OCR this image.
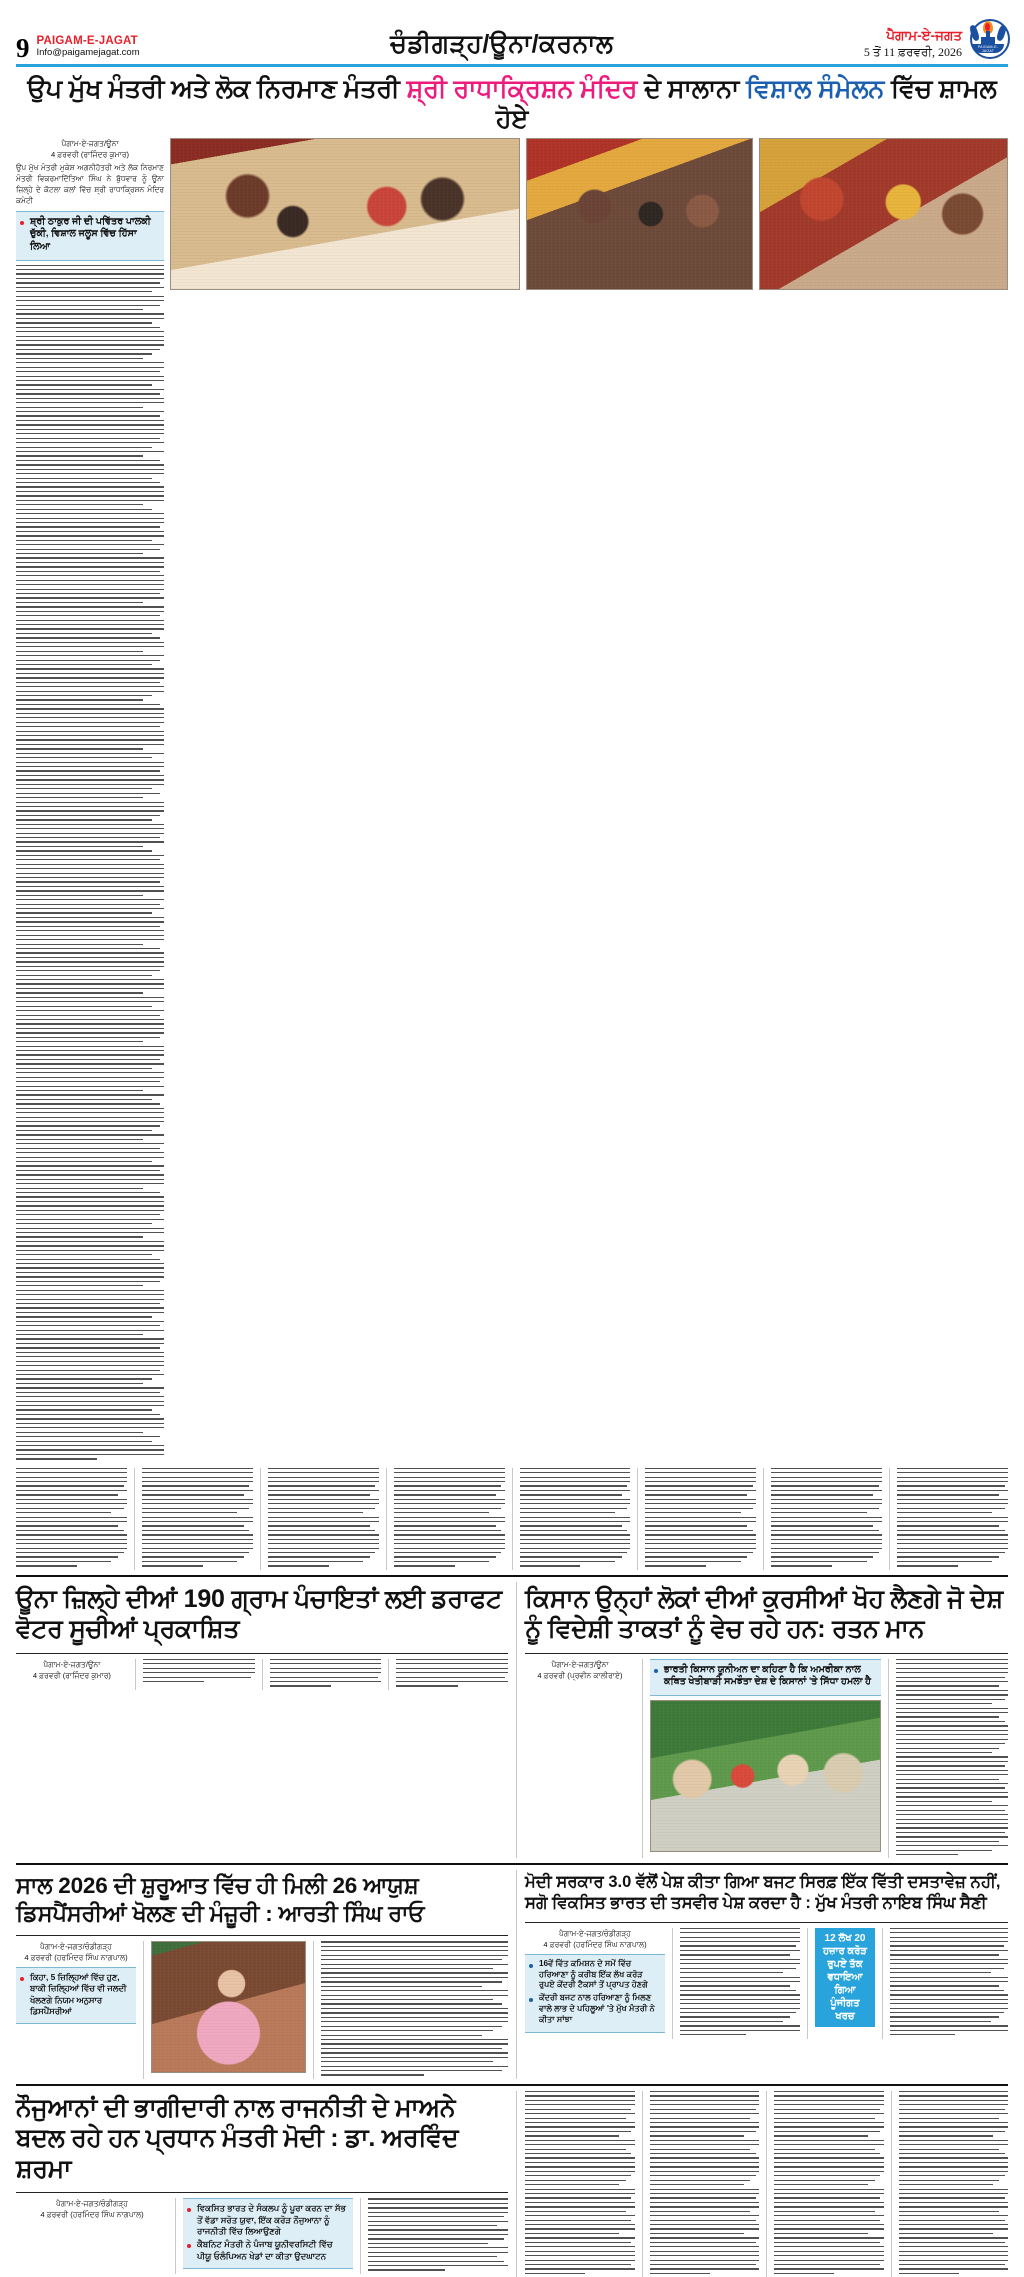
9 PAIGAM-E-JAGAT
Info@paigamejagat.com	ਚੰਡੀਗੜ੍ਹ/ਊਨਾ/ਕਰਨਾਲ	ਪੈਗਾਮ-ਏ-ਜਗਤ
5 ਤੋਂ 11 ਫ਼ਰਵਰੀ, 2026	PAIGAM-E-JAGAT
ਉਪ ਮੁੱਖ ਮੰਤਰੀ ਅਤੇ ਲੋਕ ਨਿਰਮਾਣ ਮੰਤਰੀ ਸ਼੍ਰੀ ਰਾਧਾਕ੍ਰਿਸ਼ਨ ਮੰਦਿਰ ਦੇ ਸਾਲਾਨਾ ਵਿਸ਼ਾਲ ਸੰਮੇਲਨ ਵਿੱਚ ਸ਼ਾਮਲ ਹੋਏ
ਪੈਗਾਮ-ਏ-ਜਗਤ/ਊਨਾ
4 ਫ਼ਰਵਰੀ (ਰਾਜਿੰਦਰ ਕੁਮਾਰ)
ਉਪ ਮੁੱਖ ਮੰਤਰੀ ਮੁਕੇਸ਼ ਅਗਨੀਹੋਤਰੀ ਅਤੇ ਲੋਕ ਨਿਰਮਾਣ ਮੰਤਰੀ ਵਿਕਰਮਾਦਿੱਤਿਆ ਸਿੰਘ ਨੇ ਬੁੱਧਵਾਰ ਨੂੰ ਊਨਾ ਜ਼ਿਲ੍ਹੇ ਦੇ ਕੋਟਲਾ ਕਲਾਂ ਵਿੱਚ ਸ਼੍ਰੀ ਰਾਧਾਕ੍ਰਿਸ਼ਨ ਮੰਦਿਰ ਕਮੇਟੀ
ਸ਼੍ਰੀ ਠਾਕੁਰ ਜੀ ਦੀ ਪਵਿੱਤਰ ਪਾਲਕੀ ਚੁੱਕੀ, ਵਿਸ਼ਾਲ ਜਲੂਸ ਵਿੱਚ ਹਿੱਸਾ ਲਿਆ
ਊਨਾ ਜ਼ਿਲ੍ਹੇ ਦੀਆਂ 190 ਗ੍ਰਾਮ ਪੰਚਾਇਤਾਂ ਲਈ ਡਰਾਫਟ ਵੋਟਰ ਸੂਚੀਆਂ ਪ੍ਰਕਾਸ਼ਿਤ
ਪੈਗਾਮ-ਏ-ਜਗਤ/ਊਨਾ
4 ਫ਼ਰਵਰੀ (ਰਾਜਿੰਦਰ ਕੁਮਾਰ)
ਕਿਸਾਨ ਉਨ੍ਹਾਂ ਲੋਕਾਂ ਦੀਆਂ ਕੁਰਸੀਆਂ ਖੋਹ ਲੈਣਗੇ ਜੋ ਦੇਸ਼ ਨੂੰ ਵਿਦੇਸ਼ੀ ਤਾਕਤਾਂ ਨੂੰ ਵੇਚ ਰਹੇ ਹਨ: ਰਤਨ ਮਾਨ
ਪੈਗਾਮ-ਏ-ਜਗਤ/ਊਨਾ
4 ਫ਼ਰਵਰੀ (ਪ੍ਰਵੀਨ ਕਾਲੀਰਾਏ)
ਭਾਰਤੀ ਕਿਸਾਨ ਯੂਨੀਅਨ ਦਾ ਕਹਿਣਾ ਹੈ ਕਿ ਅਮਰੀਕਾ ਨਾਲ ਕਥਿਤ ਖੇਤੀਬਾੜੀ ਸਮਝੌਤਾ ਦੇਸ਼ ਦੇ ਕਿਸਾਨਾਂ 'ਤੇ ਸਿੱਧਾ ਹਮਲਾ ਹੈ
ਸਾਲ 2026 ਦੀ ਸ਼ੁਰੂਆਤ ਵਿੱਚ ਹੀ ਮਿਲੀ 26 ਆਯੁਸ਼ ਡਿਸਪੈਂਸਰੀਆਂ ਖੋਲਣ ਦੀ ਮੰਜ਼ੂਰੀ : ਆਰਤੀ ਸਿੰਘ ਰਾਓ
ਪੈਗਾਮ-ਏ-ਜਗਤ/ਚੰਡੀਗੜ੍ਹ
4 ਫ਼ਰਵਰੀ (ਹਰਮਿੰਦਰ ਸਿੰਘ ਨਾਗਪਾਲ)
ਕਿਹਾ, 5 ਜ਼ਿਲ੍ਹਿਆਂ ਵਿੱਚ ਹੁਣ, ਬਾਕੀ ਜ਼ਿਲ੍ਹਿਆਂ ਵਿੱਚ ਵੀ ਜਲਦੀ ਖੋਲਣਗੇ ਨਿਯਮ ਅਨੁਸਾਰ ਡਿਸਪੈਂਸਰੀਆਂ
ਮੋਦੀ ਸਰਕਾਰ 3.0 ਵੱਲੋਂ ਪੇਸ਼ ਕੀਤਾ ਗਿਆ ਬਜਟ ਸਿਰਫ਼ ਇੱਕ ਵਿੱਤੀ ਦਸਤਾਵੇਜ਼ ਨਹੀਂ, ਸਗੋ ਵਿਕਸਿਤ ਭਾਰਤ ਦੀ ਤਸਵੀਰ ਪੇਸ਼ ਕਰਦਾ ਹੈ : ਮੁੱਖ ਮੰਤਰੀ ਨਾਇਬ ਸਿੰਘ ਸੈਣੀ
ਪੈਗਾਮ-ਏ-ਜਗਤ/ਚੰਡੀਗੜ੍ਹ
4 ਫ਼ਰਵਰੀ (ਹਰਮਿੰਦਰ ਸਿੰਘ ਨਾਗਪਾਲ)
16ਵੇਂ ਵਿੱਤ ਕਮਿਸ਼ਨ ਦੇ ਸਮੇਂ ਵਿੱਚ ਹਰਿਆਣਾ ਨੂੰ ਕਰੀਬ ਇੱਕ ਲੱਖ ਕਰੋੜ ਰੁਪਏ ਕੇਂਦਰੀ ਟੈਕਸਾਂ ਤੋਂ ਪ੍ਰਾਪਤ ਹੋਣਗੇ
ਕੇਂਦਰੀ ਬਜਟ ਨਾਲ ਹਰਿਆਣਾ ਨੂੰ ਮਿਲਣ ਵਾਲੇ ਲਾਭ ਦੇ ਪਹਿਲੂਆਂ 'ਤੇ ਮੁੱਖ ਮੰਤਰੀ ਨੇ ਕੀਤਾ ਸਾਂਝਾ
12 ਲੱਖ 20 ਹਜ਼ਾਰ ਕਰੋੜ ਰੁਪਏ ਤੱਕ ਵਧਾਇਆ ਗਿਆ ਪੂੰਜੀਗਤ ਖਰਚ
ਨੌਜੁਆਨਾਂ ਦੀ ਭਾਗੀਦਾਰੀ ਨਾਲ ਰਾਜਨੀਤੀ ਦੇ ਮਾਅਨੇ ਬਦਲ ਰਹੇ ਹਨ ਪ੍ਰਧਾਨ ਮੰਤਰੀ ਮੋਦੀ : ਡਾ. ਅਰਵਿੰਦ ਸ਼ਰਮਾ
ਪੈਗਾਮ-ਏ-ਜਗਤ/ਚੰਡੀਗੜ੍ਹ
4 ਫ਼ਰਵਰੀ (ਹਰਮਿੰਦਰ ਸਿੰਘ ਨਾਗਪਾਲ)
ਵਿਕਸਿਤ ਭਾਰਤ ਦੇ ਸੰਕਲਪ ਨੂੰ ਪੂਰਾ ਕਰਨ ਦਾ ਸੱਭ ਤੋਂ ਵੱਡਾ ਸਰੋਤ ਯੁਵਾ, ਇੱਕ ਕਰੋੜ ਨੌਜੁਆਨਾ ਨੂੰ ਰਾਜਨੀਤੀ ਵਿੱਚ ਲਿਆਉਣਗੇ
ਕੈਬਨਿਟ ਮੰਤਰੀ ਨੇ ਪੰਜਾਬ ਯੂਨੀਵਰਸਿਟੀ ਵਿੱਚ ਪੀਯੂ ਓਲੰਪਿਅਨ ਖੇਡਾਂ ਦਾ ਕੀਤਾ ਉਦਘਾਟਨ
